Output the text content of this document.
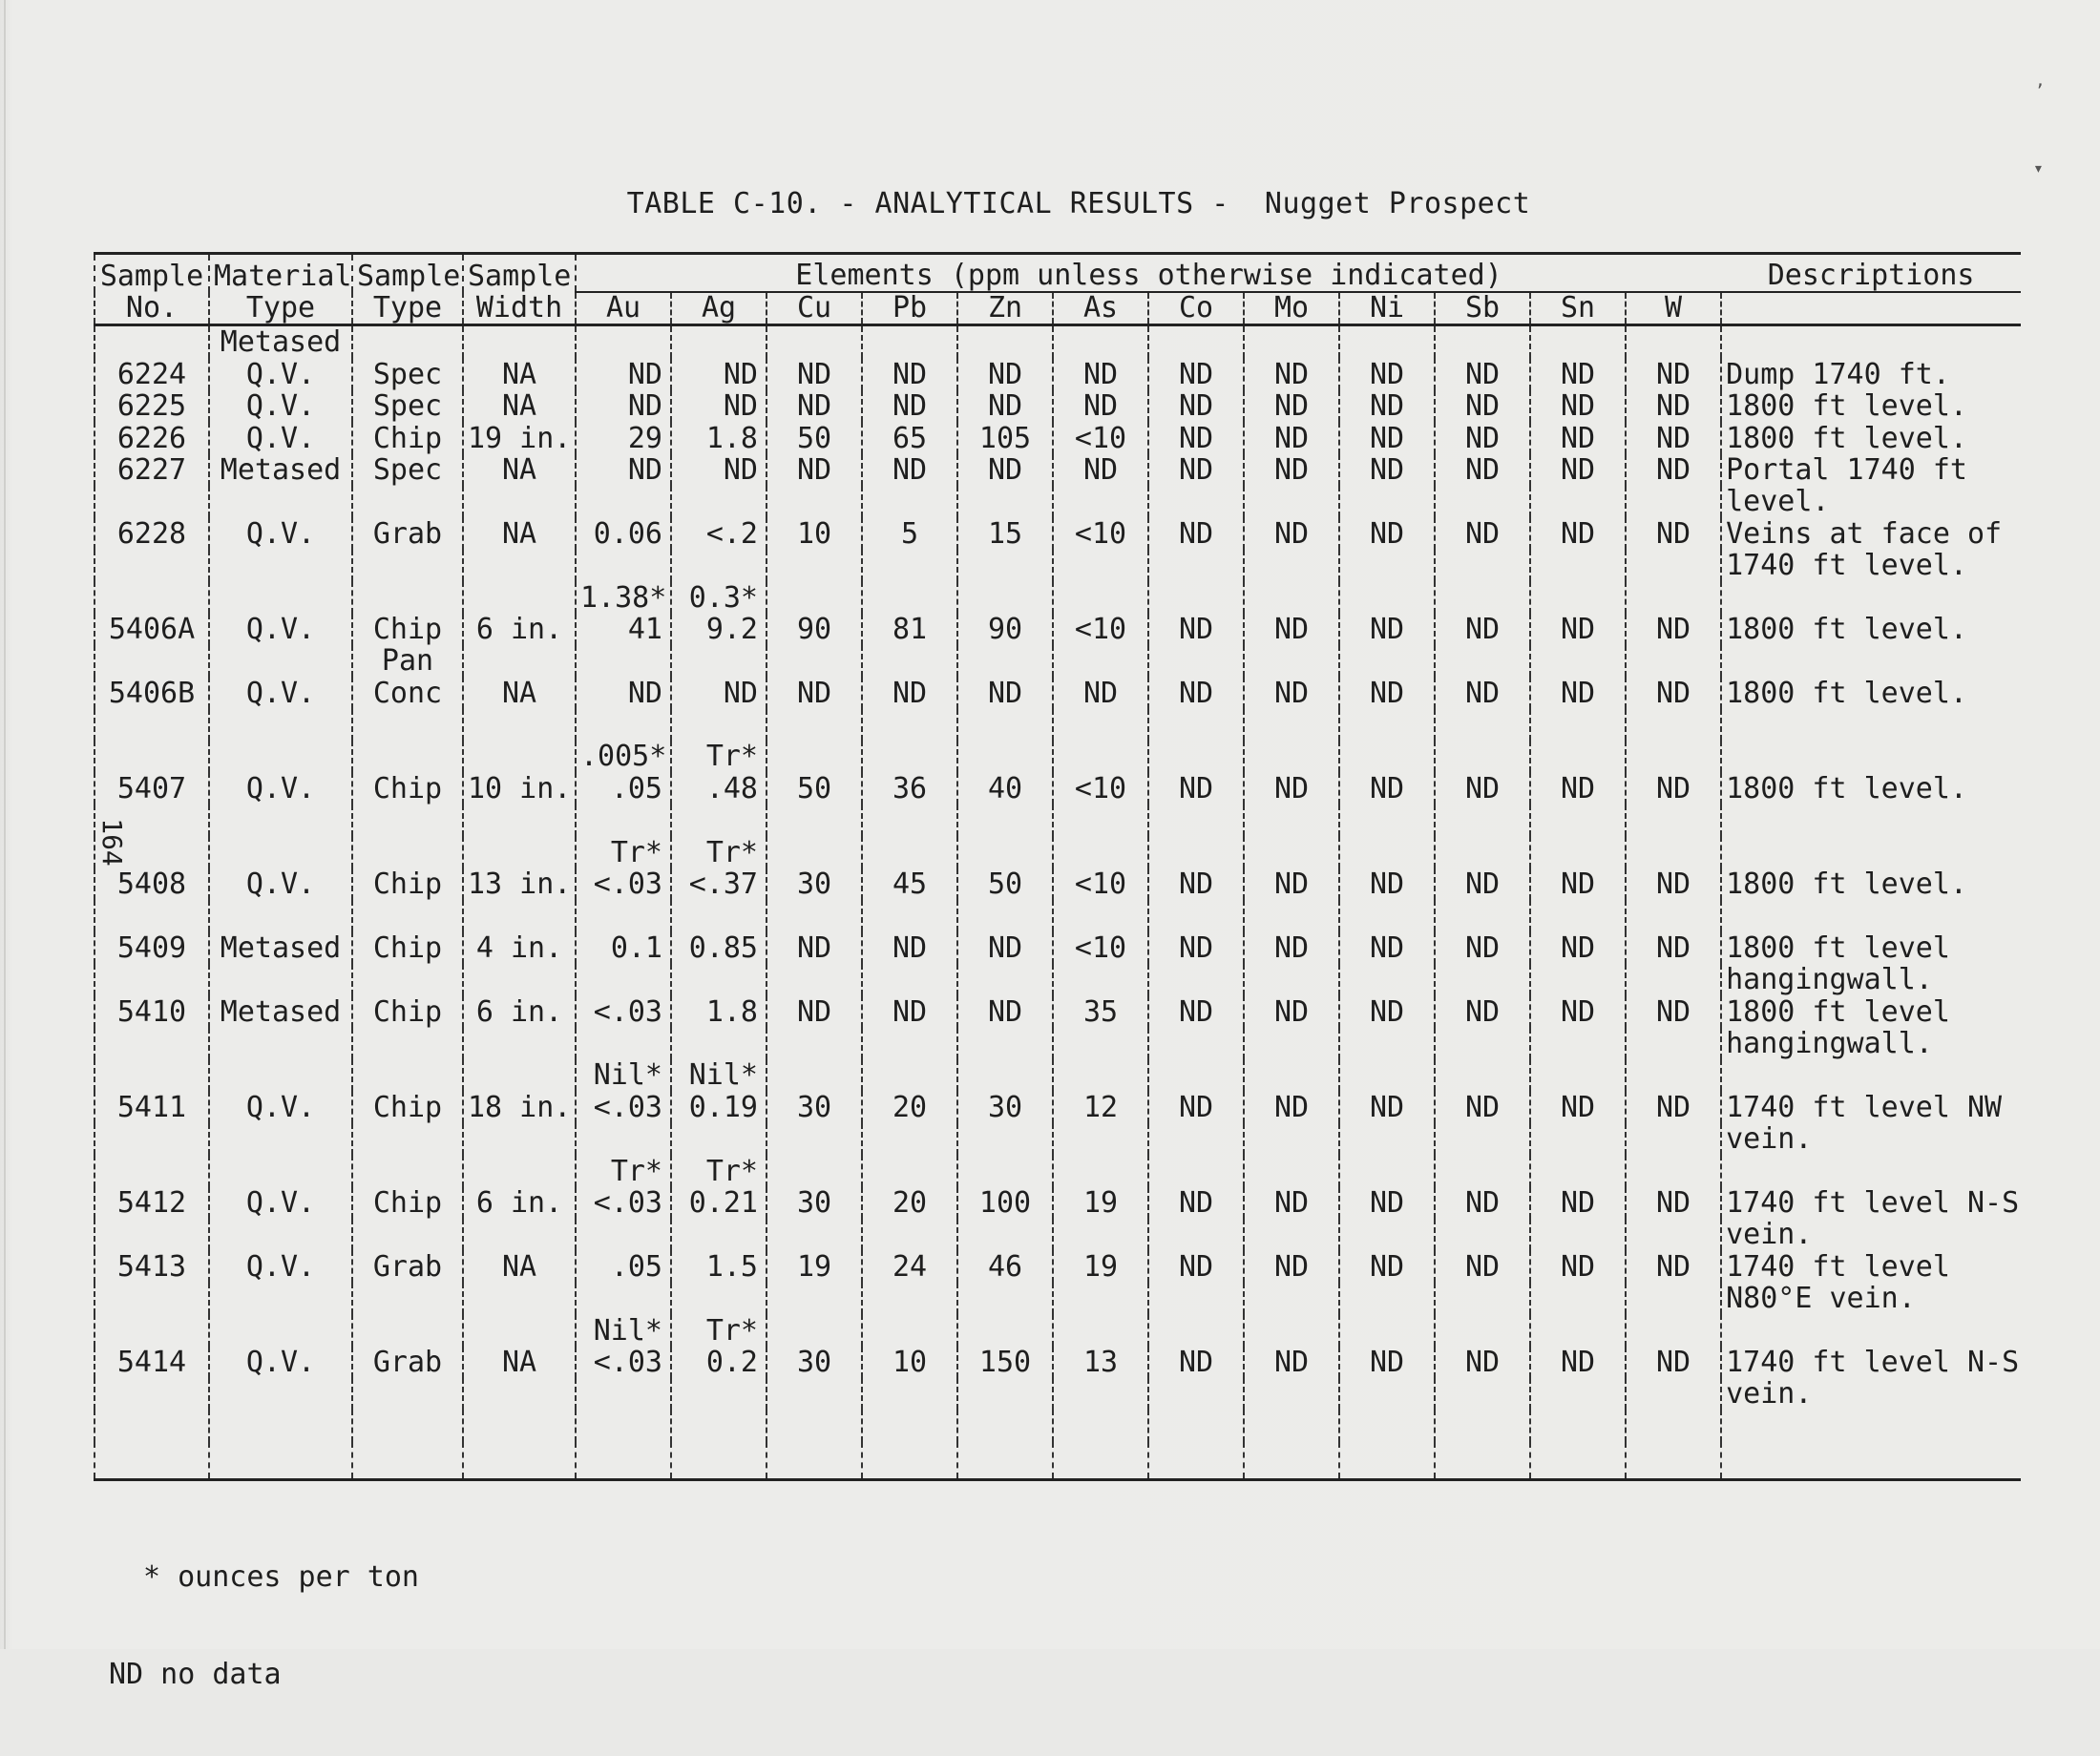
,
▾
164
TABLE C-10. - ANALYTICAL RESULTS -  Nugget Prospect
Sample	Material	Sample	Sample	Elements (ppm unless otherwise indicated)												Descriptions
No.	Type	Type	Width	Au	Ag	Cu	Pb	Zn	As	Co	Mo	Ni	Sb	Sn	W	
	Metased															
6224	Q.V.	Spec	NA	ND	ND	ND	ND	ND	ND	ND	ND	ND	ND	ND	ND	Dump 1740 ft.
6225	Q.V.	Spec	NA	ND	ND	ND	ND	ND	ND	ND	ND	ND	ND	ND	ND	1800 ft level.
6226	Q.V.	Chip	19 in.	29	1.8	50	65	105	<10	ND	ND	ND	ND	ND	ND	1800 ft level.
6227	Metased	Spec	NA	ND	ND	ND	ND	ND	ND	ND	ND	ND	ND	ND	ND	Portal 1740 ft
																level.
6228	Q.V.	Grab	NA	0.06	<.2	10	5	15	<10	ND	ND	ND	ND	ND	ND	Veins at face of
																1740 ft level.
				1.38*	0.3*											
5406A	Q.V.	Chip	6 in.	41	9.2	90	81	90	<10	ND	ND	ND	ND	ND	ND	1800 ft level.
		Pan														
5406B	Q.V.	Conc	NA	ND	ND	ND	ND	ND	ND	ND	ND	ND	ND	ND	ND	1800 ft level.

				.005*	Tr*											
5407	Q.V.	Chip	10 in.	.05	.48	50	36	40	<10	ND	ND	ND	ND	ND	ND	1800 ft level.

				Tr*	Tr*											
5408	Q.V.	Chip	13 in.	<.03	<.37	30	45	50	<10	ND	ND	ND	ND	ND	ND	1800 ft level.

5409	Metased	Chip	4 in.	0.1	0.85	ND	ND	ND	<10	ND	ND	ND	ND	ND	ND	1800 ft level
																hangingwall.
5410	Metased	Chip	6 in.	<.03	1.8	ND	ND	ND	35	ND	ND	ND	ND	ND	ND	1800 ft level
																hangingwall.
				Nil*	Nil*											
5411	Q.V.	Chip	18 in.	<.03	0.19	30	20	30	12	ND	ND	ND	ND	ND	ND	1740 ft level NW
																vein.
				Tr*	Tr*											
5412	Q.V.	Chip	6 in.	<.03	0.21	30	20	100	19	ND	ND	ND	ND	ND	ND	1740 ft level N-S
																vein.
5413	Q.V.	Grab	NA	.05	1.5	19	24	46	19	ND	ND	ND	ND	ND	ND	1740 ft level
																N80°E vein.
				Nil*	Tr*											
5414	Q.V.	Grab	NA	<.03	0.2	30	10	150	13	ND	ND	ND	ND	ND	ND	1740 ft level N-S
																vein.

* ounces per ton

ND no data
